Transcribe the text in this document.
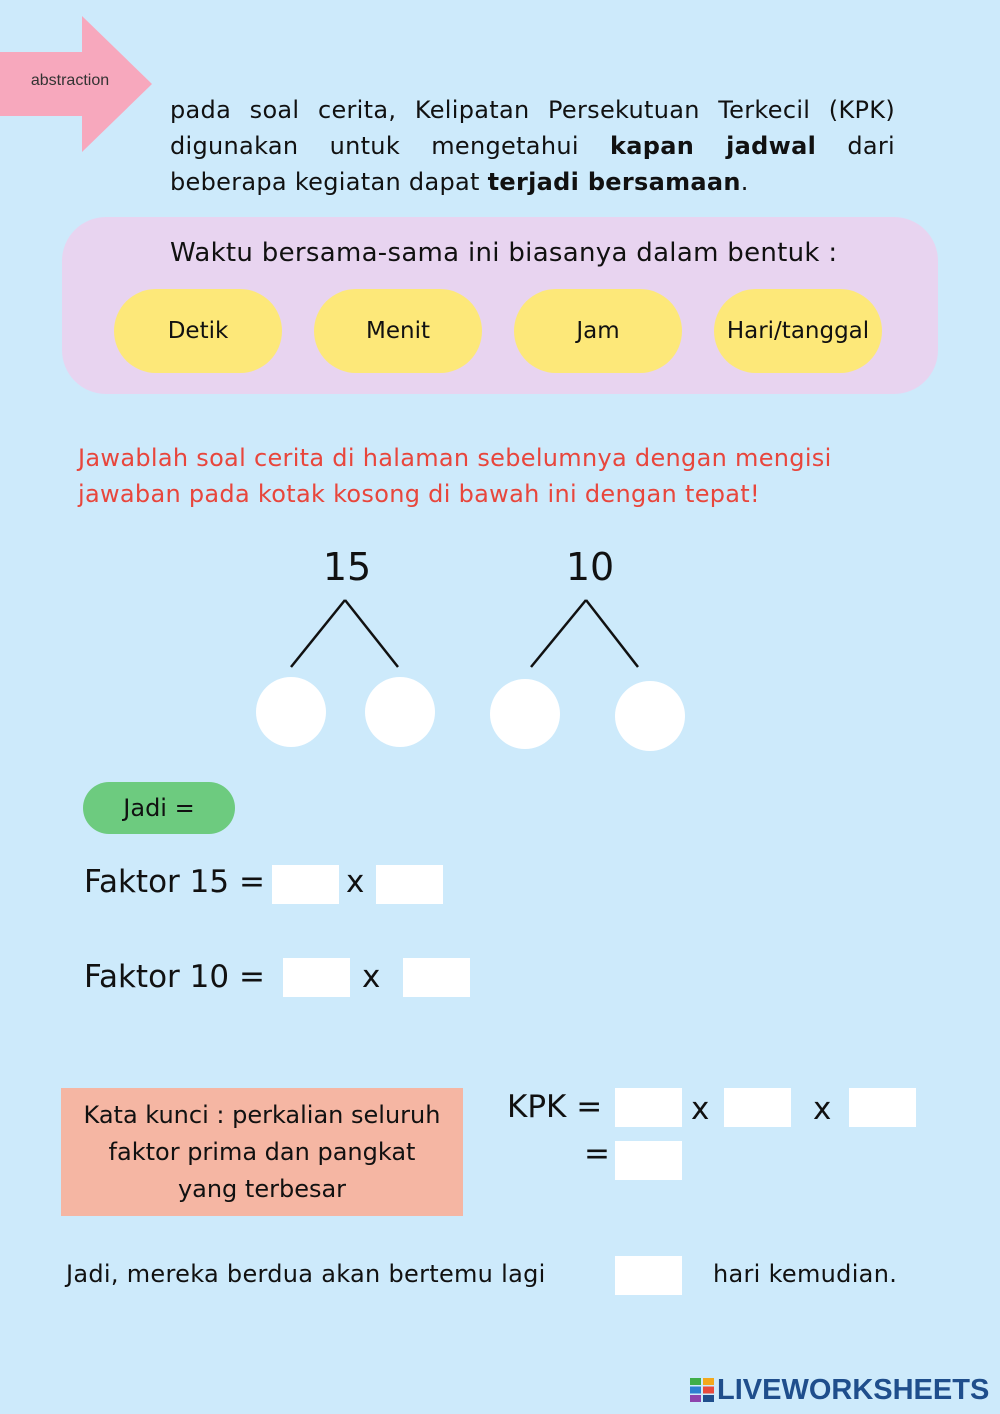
abstraction
pada soal cerita, Kelipatan Persekutuan Terkecil (KPK) digunakan untuk mengetahui kapan jadwal dari beberapa kegiatan dapat terjadi bersamaan.
Waktu bersama-sama ini biasanya dalam bentuk :
Detik	Menit	Jam	Hari/tanggal
Jawablah soal cerita di halaman sebelumnya dengan mengisi jawaban pada kotak kosong di bawah ini dengan tepat!
15	10
Jadi =
Faktor 15 =	x
Faktor 10 =	x
Kata kunci : perkalian seluruh faktor prima dan pangkat yang terbesar
KPK =	x	x
=
Jadi, mereka berdua akan bertemu lagi	hari kemudian.
LIVEWORKSHEETS
